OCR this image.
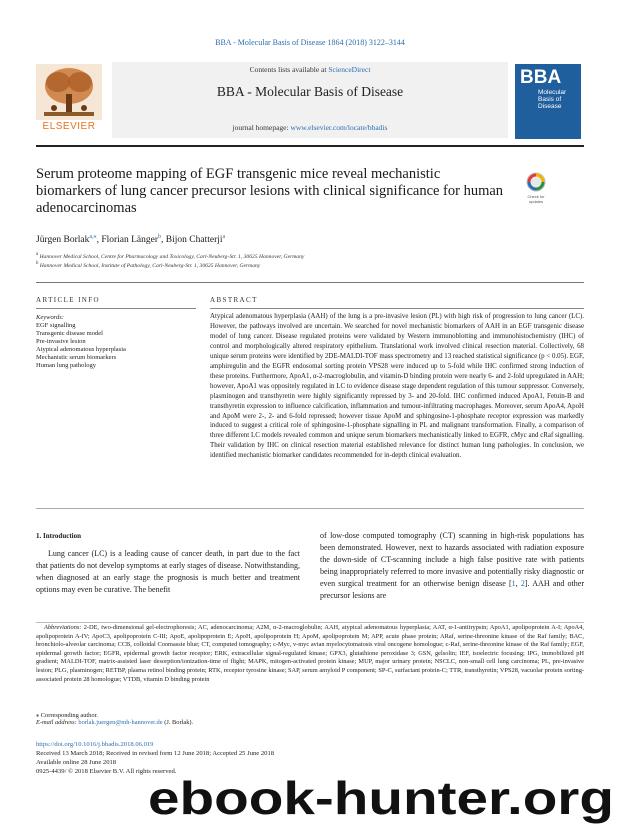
BBA - Molecular Basis of Disease 1864 (2018) 3122–3144
Contents lists available at ScienceDirect
BBA - Molecular Basis of Disease
journal homepage: www.elsevier.com/locate/bbadis
ELSEVIER
BBA
Molecular Basis of Disease
Serum proteome mapping of EGF transgenic mice reveal mechanistic biomarkers of lung cancer precursor lesions with clinical significance for human adenocarcinomas
Check for
updates
Jürgen Borlak$^{a,⁎}$, Florian Länger$^b$, Bijon Chatterji$^a$
$^a$ Hannover Medical School, Centre for Pharmacology and Toxicology, Carl-Neuberg-Str. 1, 30625 Hannover, Germany
$^b$ Hannover Medical School, Institute of Pathology, Carl-Neuberg-Str. 1, 30625 Hannover, Germany
ARTICLE INFO
Keywords:
EGF signalling
Transgenic disease model
Pre-invasive lesion
Atypical adenomatous hyperplasia
Mechanistic serum biomarkers
Human lung pathology
ABSTRACT

Atypical adenomatous hyperplasia (AAH) of the lung is a pre-invasive lesion (PL) with high risk of progression to lung cancer (LC). However, the pathways involved are uncertain. We searched for novel mechanistic biomarkers of AAH in an EGF transgenic disease model of lung cancer. Disease regulated proteins were validated by Western immunoblotting and immunohistochemistry (IHC) of control and morphologically altered respiratory epithelium. Translational work involved clinical resection material. Collectively, 68 unique serum proteins were identified by 2DE-MALDI-TOF mass spectrometry and 13 reached statistical significance (p < 0.05). EGF, amphiregulin and the EGFR endosomal sorting protein VPS28 were induced up to 5-fold while IHC confirmed strong induction of these proteins. Furthermore, ApoA1, α-2-macroglobulin, and vitamin-D binding protein were nearly 6- and 2-fold upregulated in AAH; however, ApoA1 was oppositely regulated in LC to evidence disease stage dependent regulation of this tumour suppressor. Conversely, plasminogen and transthyretin were highly significantly repressed by 3- and 20-fold. IHC confirmed induced ApoA1, Fetuin-B and transthyretin expression to influence calcification, inflammation and tumour-infiltrating macrophages. Moreover, serum ApoA4, ApoH and ApoM were 2-, 2- and 6-fold repressed; however tissue ApoM and sphingosine-1-phosphate receptor expression was markedly induced to suggest a critical role of sphingosine-1-phosphate signalling in PL and malignant transformation. Finally, a comparison of three different LC models revealed common and unique serum biomarkers mechanistically linked to EGFR, cMyc and cRaf signalling. Their validation by IHC on clinical resection material established relevance for distinct human lung pathologies. In conclusion, we identified mechanistic biomarker candidates recommended for in-depth clinical evaluation.

1. Introduction

Lung cancer (LC) is a leading cause of cancer death, in part due to the fact that patients do not develop symptoms at early stages of disease. Notwithstanding, when diagnosed at an early stage the prognosis is much better and treatment options may even be curative. The benefit

of low-dose computed tomography (CT) scanning in high-risk populations has been demonstrated. However, next to hazards associated with radiation exposure the down-side of CT-scanning include a high false positive rate with patients being inappropriately referred to more invasive and potentially risky diagnostic or even surgical treatment for an otherwise benign disease [1, 2]. AAH and other precursor lesions are

Abbreviations: 2-DE, two-dimensional gel-electrophoresis; AC, adenocarcinoma; A2M, α-2-macroglobulin; AAH, atypical adenomatous hyperplasia; AAT, α-1-antitrypsin; ApoA1, apolipoprotein A-I; ApoA4, apolipoprotein A-IV; ApoC3, apolipoprotein C-III; ApoE, apolipoprotein E; ApoH, apolipoprotein H; ApoM, apolipoprotein M; APP, acute phase protein; ARaf, serine-threonine kinase of the Raf family; BAC, bronchiolo-alveolar carcinoma; CCB, colloidal Coomassie blue; CT, computed tomography; c-Myc, v-myc avian myelocytomatosis viral oncogene homologue; c-Raf, serine-threonine kinase of the Raf family; EGF, epidermal growth factor; EGFR, epidermal growth factor receptor; ERK, extracellular signal-regulated kinase; GPX3, glutathione peroxidase 3; GSN, gelsolin; IEF, isoelectric focusing; IPG, immobilized pH gradient; MALDI-TOF, matrix-assisted laser desorption/ionization-time of flight; MAPK, mitogen-activated protein kinase; MUP, major urinary protein; NSCLC, non-small cell lung carcinoma; PL, pre-invasive lesion; PLG, plasminogen; RETBP, plasma retinol binding protein; RTK, receptor tyrosine kinase; SAP, serum amyloid P component; SP-C, surfactant protein-C; TTR, transthyretin; VPS28, vacuolar protein sorting-associated protein 28 homologue; VTDB, vitamin D binding protein

⁎ Corresponding author.
E-mail address: borlak.juergen@mh-hannover.de (J. Borlak).
https://doi.org/10.1016/j.bbadis.2018.06.019
Received 13 March 2018; Received in revised form 12 June 2018; Accepted 25 June 2018
Available online 28 June 2018
0925-4439/ © 2018 Elsevier B.V. All rights reserved.
ebook-hunter.org
